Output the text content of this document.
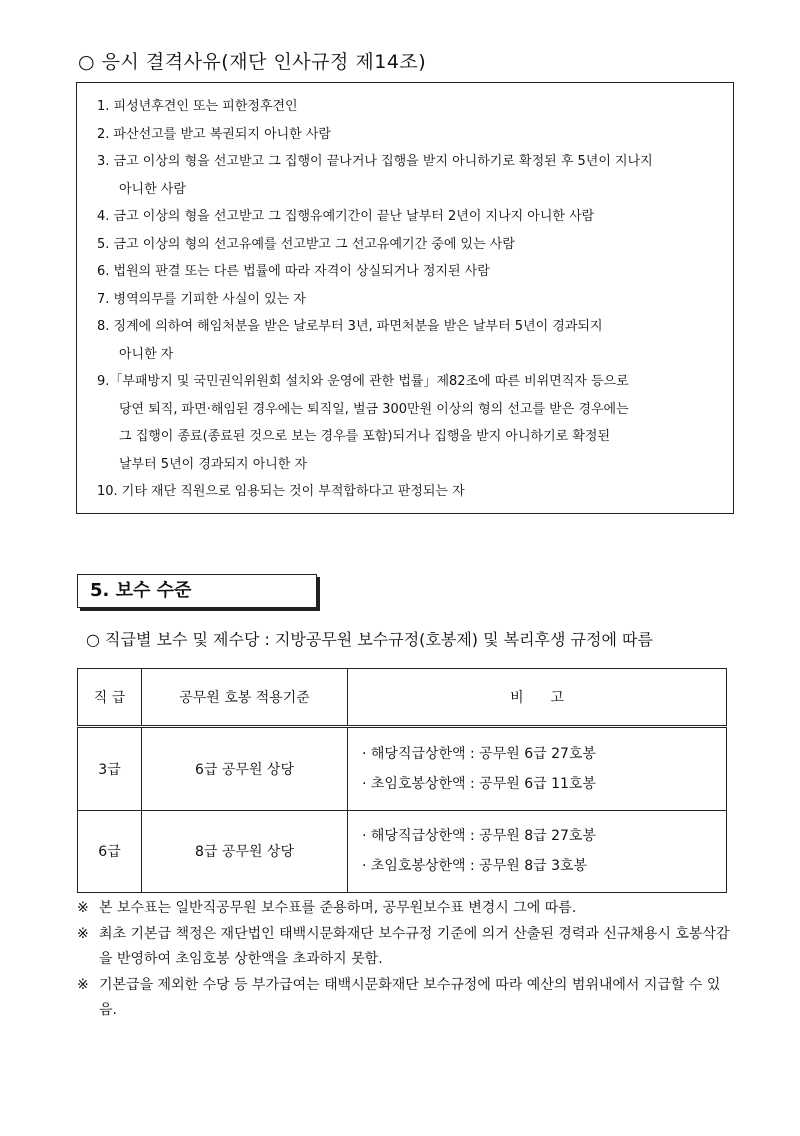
○ 응시 결격사유(재단 인사규정 제14조)
1. 피성년후견인 또는 피한정후견인
2. 파산선고를 받고 복권되지 아니한 사람
3. 금고 이상의 형을 선고받고 그 집행이 끝나거나 집행을 받지 아니하기로 확정된 후 5년이 지나지
아니한 사람
4. 금고 이상의 형을 선고받고 그 집행유예기간이 끝난 날부터 2년이 지나지 아니한 사람
5. 금고 이상의 형의 선고유예를 선고받고 그 선고유예기간 중에 있는 사람
6. 법원의 판결 또는 다른 법률에 따라 자격이 상실되거나 정지된 사람
7. 병역의무를 기피한 사실이 있는 자
8. 징계에 의하여 해임처분을 받은 날로부터 3년, 파면처분을 받은 날부터 5년이 경과되지
아니한 자
9.「부패방지 및 국민권익위원회 설치와 운영에 관한 법률」제82조에 따른 비위면직자 등으로
당연 퇴직, 파면·해임된 경우에는 퇴직일, 벌금 300만원 이상의 형의 선고를 받은 경우에는
그 집행이 종료(종료된 것으로 보는 경우를 포함)되거나 집행을 받지 아니하기로 확정된
날부터 5년이 경과되지 아니한 자
10. 기타 재단 직원으로 임용되는 것이 부적합하다고 판정되는 자
5. 보수 수준
○ 직급별 보수 및 제수당 : 지방공무원 보수규정(호봉제) 및 복리후생 규정에 따름
직 급	공무원 호봉 적용기준	비      고
3급	6급 공무원 상당	· 해당직급상한액 : 공무원 6급 27호봉
· 초임호봉상한액 : 공무원 6급 11호봉

6급	8급 공무원 상당	· 해당직급상한액 : 공무원 8급 27호봉
· 초임호봉상한액 : 공무원 8급 3호봉
※ 본 보수표는 일반직공무원 보수표를 준용하며, 공무원보수표 변경시 그에 따름.
※ 최초 기본급 책정은 재단법인 태백시문화재단 보수규정 기준에 의거 산출된 경력과 신규채용시 호봉삭감을 반영하여 초임호봉 상한액을 초과하지 못함.
※ 기본급을 제외한 수당 등 부가급여는 태백시문화재단 보수규정에 따라 예산의 범위내에서 지급할 수 있음.
